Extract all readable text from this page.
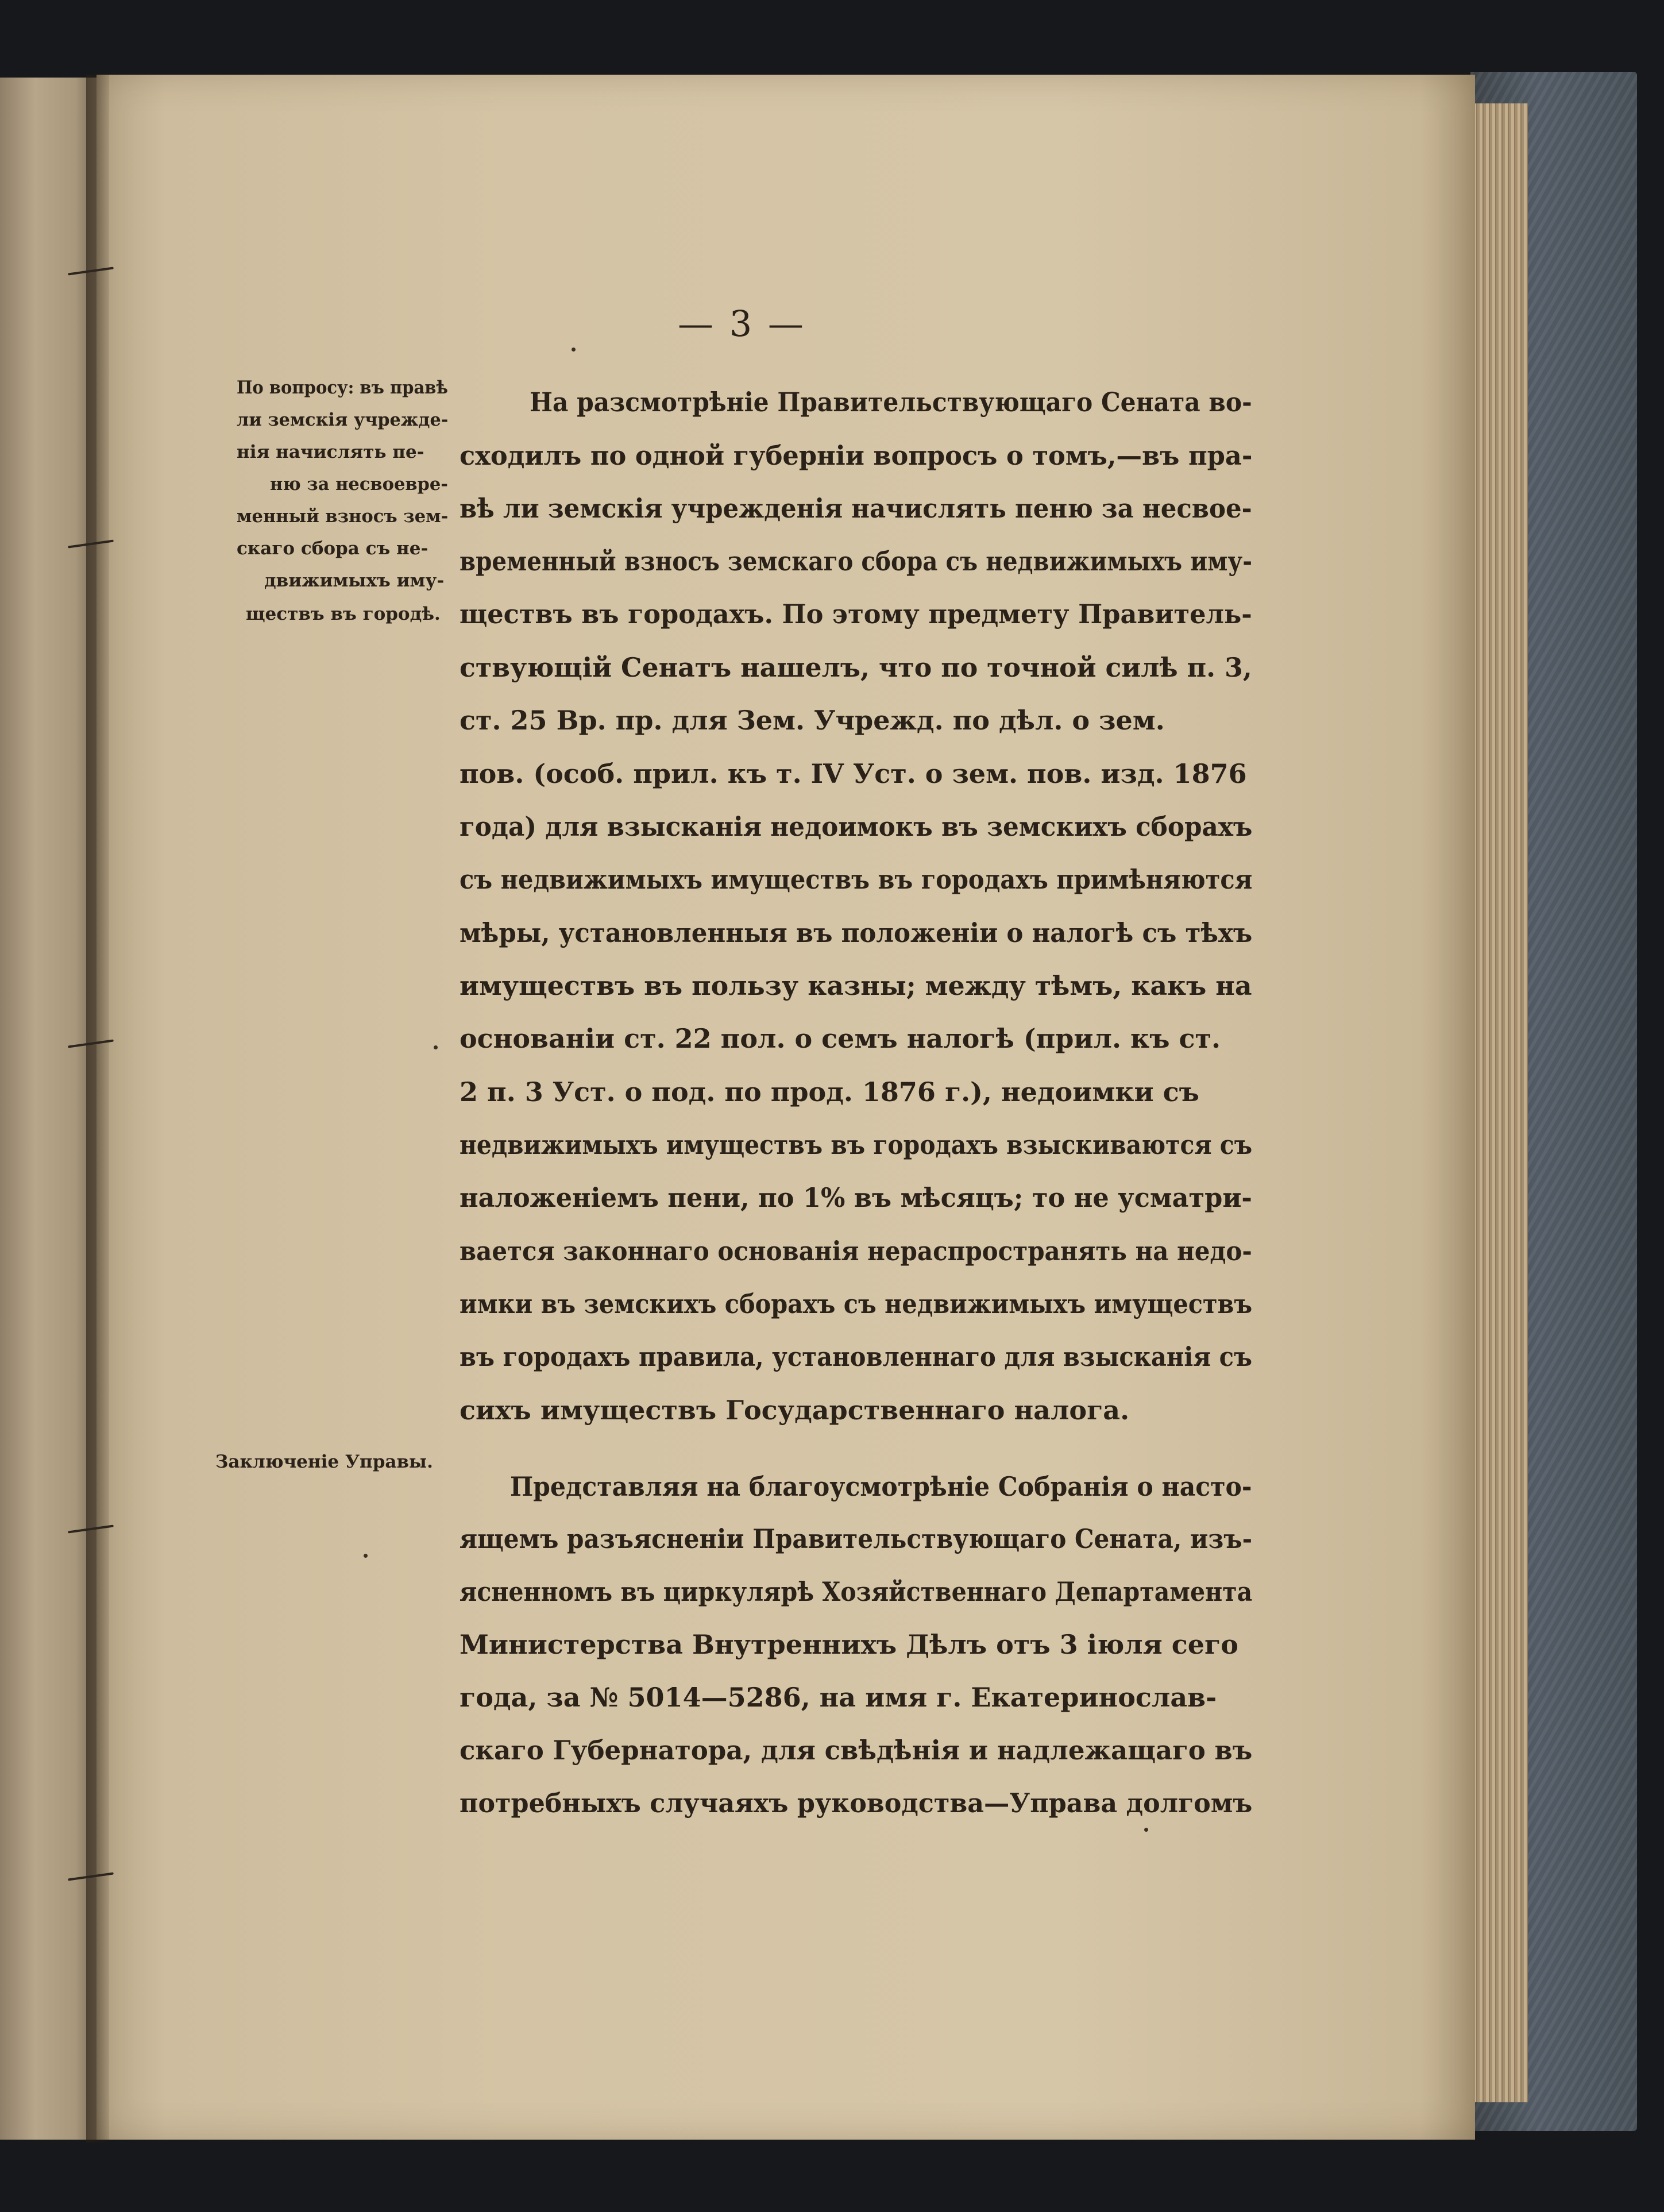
— 3 —
По вопросу: въ правѣ
ли земскія учрежде-
нія начислять пе-
ню за несвоевре-
менный взносъ зем-
скаго сбора съ не-
движимыхъ иму-
ществъ въ городѣ.
На разсмотрѣніе Правительствующаго Сената во-
сходилъ по одной губерніи вопросъ о томъ,—въ пра-
вѣ ли земскія учрежденія начислять пеню за несвое-
временный взносъ земскаго сбора съ недвижимыхъ иму-
ществъ въ городахъ. По этому предмету Правитель-
ствующій Сенатъ нашелъ, что по точной силѣ п. 3,
ст. 25 Вр. пр. для Зем. Учрежд. по дѣл. о зем.
пов. (особ. прил. къ т. IV Уст. о зем. пов. изд. 1876
года) для взысканія недоимокъ въ земскихъ сборахъ
съ недвижимыхъ имуществъ въ городахъ примѣняются
мѣры, установленныя въ положеніи о налогѣ съ тѣхъ
имуществъ въ пользу казны; между тѣмъ, какъ на
основаніи ст. 22 пол. о семъ налогѣ (прил. къ ст.
2 п. 3 Уст. о под. по прод. 1876 г.), недоимки съ
недвижимыхъ имуществъ въ городахъ взыскиваются съ
наложеніемъ пени, по 1% въ мѣсяцъ; то не усматри-
вается законнаго основанія нераспространять на недо-
имки въ земскихъ сборахъ съ недвижимыхъ имуществъ
въ городахъ правила, установленнаго для взысканія съ
сихъ имуществъ Государственнаго налога.
Заключеніе Управы.
Представляя на благоусмотрѣніе Собранія о насто-
ящемъ разъясненіи Правительствующаго Сената, изъ-
ясненномъ въ циркулярѣ Хозяйственнаго Департамента
Министерства Внутреннихъ Дѣлъ отъ 3 іюля сего
года, за № 5014—5286, на имя г. Екатеринослав-
скаго Губернатора, для свѣдѣнія и надлежащаго въ
потребныхъ случаяхъ руководства—Управа долгомъ
